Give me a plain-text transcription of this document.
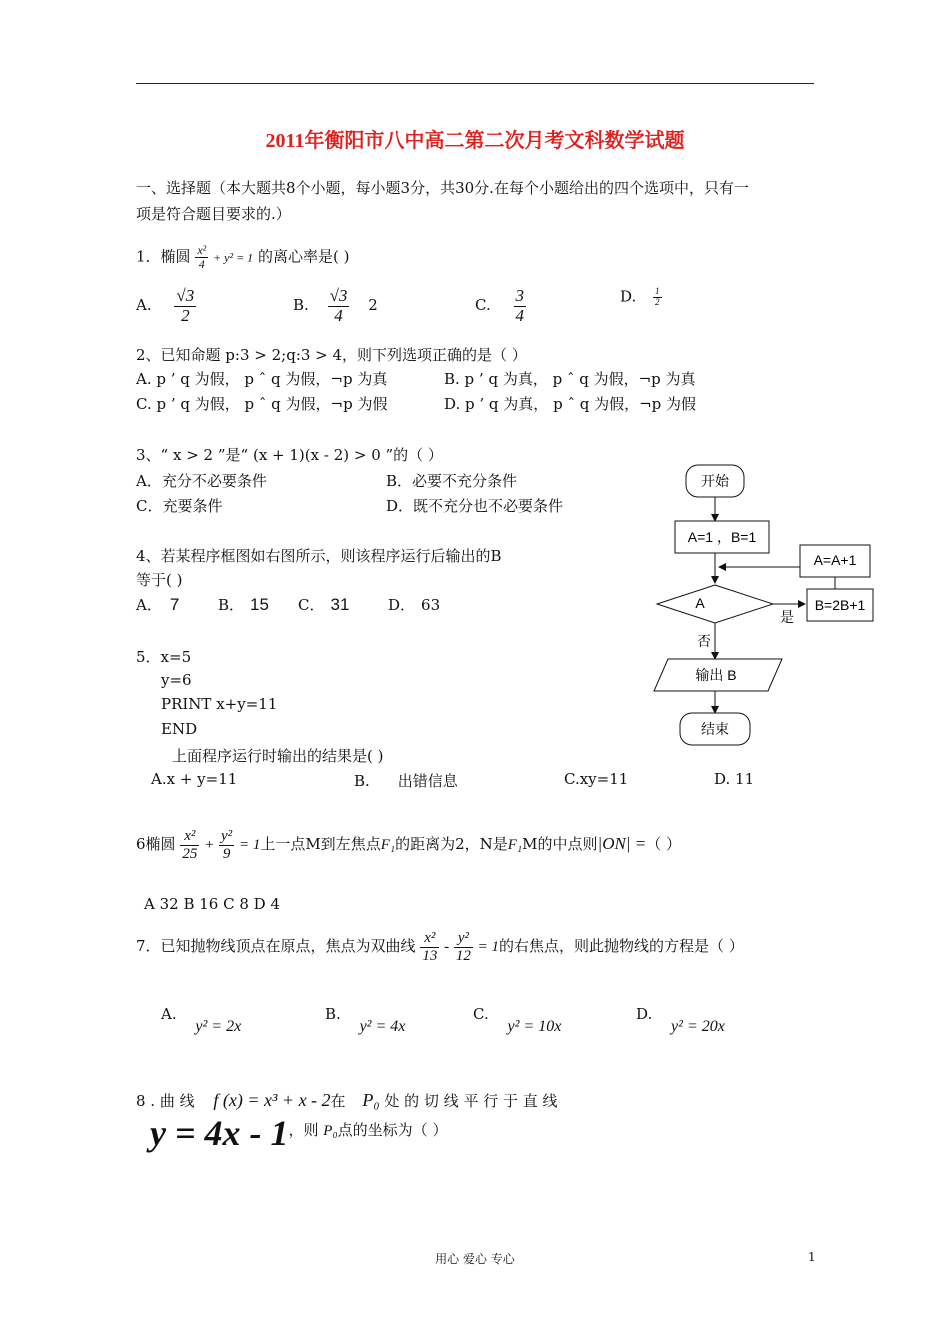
2011年衡阳市八中高二第二次月考文科数学试题
一、选择题（本大题共8个小题，每小题3分，共30分.在每个小题给出的四个选项中，只有一
项是符合题目要求的.）
1．椭圆 $\frac{\text{x²}}{4} + y^2 = 1$ 的离心率是( )
A. $\frac{√3}{2}$	B. $\frac{√3}{4} 2$	C. $\frac{3}{4}$	D. $\frac{1}{2}$
2、已知命题 p:3 > 2;q:3 > 4，则下列选项正确的是（ ）
A. p ’ q 为假， p ˆ q 为假，¬p 为真	B. p ’ q 为真， p ˆ q 为假，¬p 为真
C. p ’ q 为假， p ˆ q 为假，¬p 为假	D. p ’ q 为真， p ˆ q 为假，¬p 为假
3、“ x > 2 ”是“ (x + 1)(x - 2) > 0 ”的（ ）
A．充分不必要条件	B．必要不充分条件
C．充要条件	D．既不充分也不必要条件
4、若某程序框图如右图所示，则该程序运行后输出的B
等于( )
A． 7	B． 15 C． 31	D． 63
5．x=5
y=6
PRINT x+y=11
END
上面程序运行时输出的结果是( )
A.x + y=11	B. 出错信息	C.xy=11	D. 11
6椭圆 $\frac{\text{x²}}{25} + \frac{\text{y²}}{9} = 1$上一点M到左焦点F₁的距离为2，N是F₁M的中点则|ON| =（ ）
A 32 B 16 C 8 D 4
7．已知抛物线顶点在原点，焦点为双曲线 $\frac{\text{x²}}{13} - \frac{\text{y²}}{12} = 1$的右焦点，则此抛物线的方程是（ ）
A. y² = 2x
B. y² = 4x
C. y² = 10x
D. y² = 20x
8 . 曲 线 f (x) = x³ + x - 2在 P₀ 处 的 切 线 平 行 于 直 线
y = 4x - 1，则 P₀点的坐标为（ ）
开始
A=1 ，B=1
A=A+1
A
是
B=2B+1
否
输出 B
结束
用心 爱心 专心	1
